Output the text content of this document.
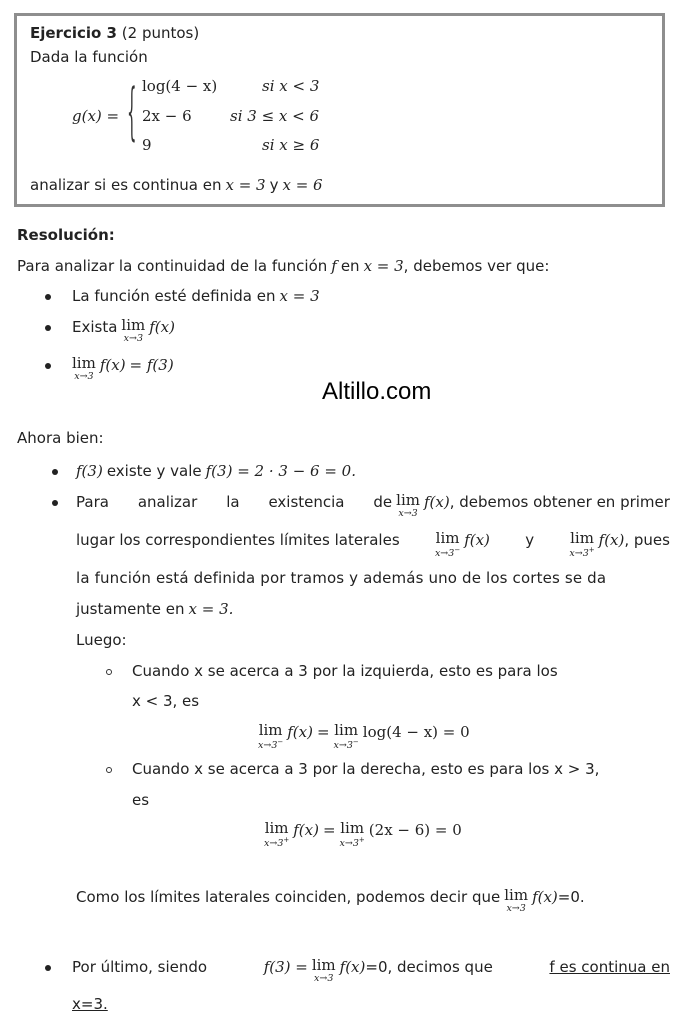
Ejercicio 3 (2 puntos)
Dada la función
g(x) = { log(4 − x)	si x < 3
2x − 6	si 3 ≤ x < 6
9	si x ≥ 6
analizar si es continua en x = 3 y x = 6
Resolución:
Para analizar la continuidad de la función f en x = 3, debemos ver que:
La función esté definida en x = 3
Exista lim
x→3
f(x)
lim
x→3
f(x) = f(3)
Altillo.com
Ahora bien:
f(3) existe y vale f(3) = 2 · 3 − 6 = 0.
Para analizar la existencia de lim
x→3
f(x), debemos obtener en primer
lugar los correspondientes límites laterales lim
x→3−
f(x) y lim
x→3+
f(x), pues
la función está definida por tramos y además uno de los cortes se da
justamente en x = 3.
Luego:
Cuando x se acerca a 3 por la izquierda, esto es para los
x < 3, es
lim
x→3−
f(x) = lim
x→3−
log(4 − x) = 0
Cuando x se acerca a 3 por la derecha, esto es para los x > 3,
es
lim
x→3+
f(x) = lim
x→3+
(2x − 6) = 0
Como los límites laterales coinciden, podemos decir que lim
x→3
f(x)=0.
Por último, siendo	f(3) = lim
x→3
f(x)=0, decimos que	f es continua en
x=3.
